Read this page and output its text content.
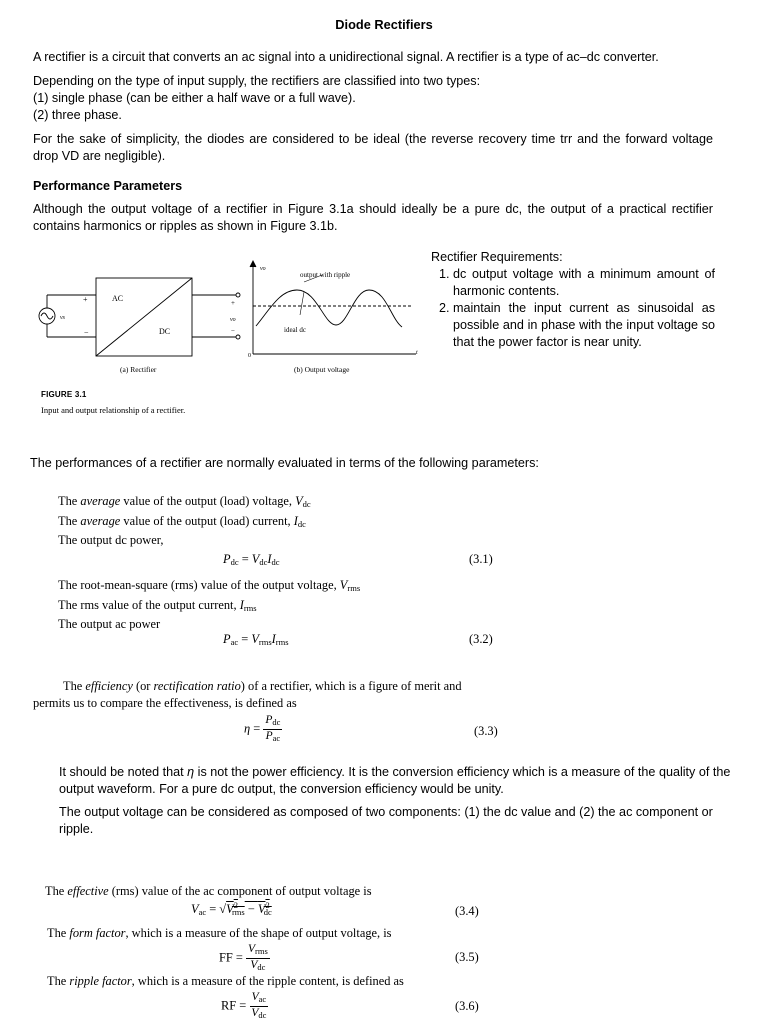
Diode Rectifiers
A rectifier is a circuit that converts an ac signal into a unidirectional signal. A rectifier is a type of ac–dc converter.
Depending on the type of input supply, the rectifiers are classified into two types:
(1) single phase (can be either a half wave or a full wave).
(2) three phase.
For the sake of simplicity, the diodes are considered to be ideal (the reverse recovery time trr and the forward voltage drop VD are negligible).
Performance Parameters
Although the output voltage of a rectifier in Figure 3.1a should ideally be a pure dc, the output of a practical rectifier contains harmonics or ripples as shown in Figure 3.1b.
Rectifier Requirements:
1. dc output voltage with a minimum amount of harmonic contents.
2. maintain the input current as sinusoidal as possible and in phase with the input voltage so that the power factor is near unity.
AC
DC
vs
+
−
+
vo
−
(a) Rectifier
vo
t
0
output with ripple
ideal dc
(b) Output voltage
FIGURE 3.1
Input and output relationship of a rectifier.
The performances of a rectifier are normally evaluated in terms of the following parameters:
The average value of the output (load) voltage, $V_{dc}$
The average value of the output (load) current, $I_{dc}$
The output dc power,
$P_{dc} = V_{dc}I_{dc}$	(3.1)
The root-mean-square (rms) value of the output voltage, $V_{rms}$
The rms value of the output current, $I_{rms}$
The output ac power
$P_{ac} = V_{rms}I_{rms}$	(3.2)
The efficiency (or rectification ratio) of a rectifier, which is a figure of merit and
permits us to compare the effectiveness, is defined as
$\eta = \frac{P_{dc}}{P_{ac}}$	(3.3)
It should be noted that η is not the power efficiency. It is the conversion efficiency which is a measure of the quality of the output waveform. For a pure dc output, the conversion efficiency would be unity.
The output voltage can be considered as composed of two components: (1) the dc value and (2) the ac component or ripple.
The effective (rms) value of the ac component of output voltage is
$V_{ac} = √V^2_{rms} - V^2_{dc}$	(3.4)
The form factor, which is a measure of the shape of output voltage, is
FF = $\frac{V_{rms}}{V_{dc}}$	(3.5)
The ripple factor, which is a measure of the ripple content, is defined as
RF = $\frac{V_{ac}}{V_{dc}}$	(3.6)
